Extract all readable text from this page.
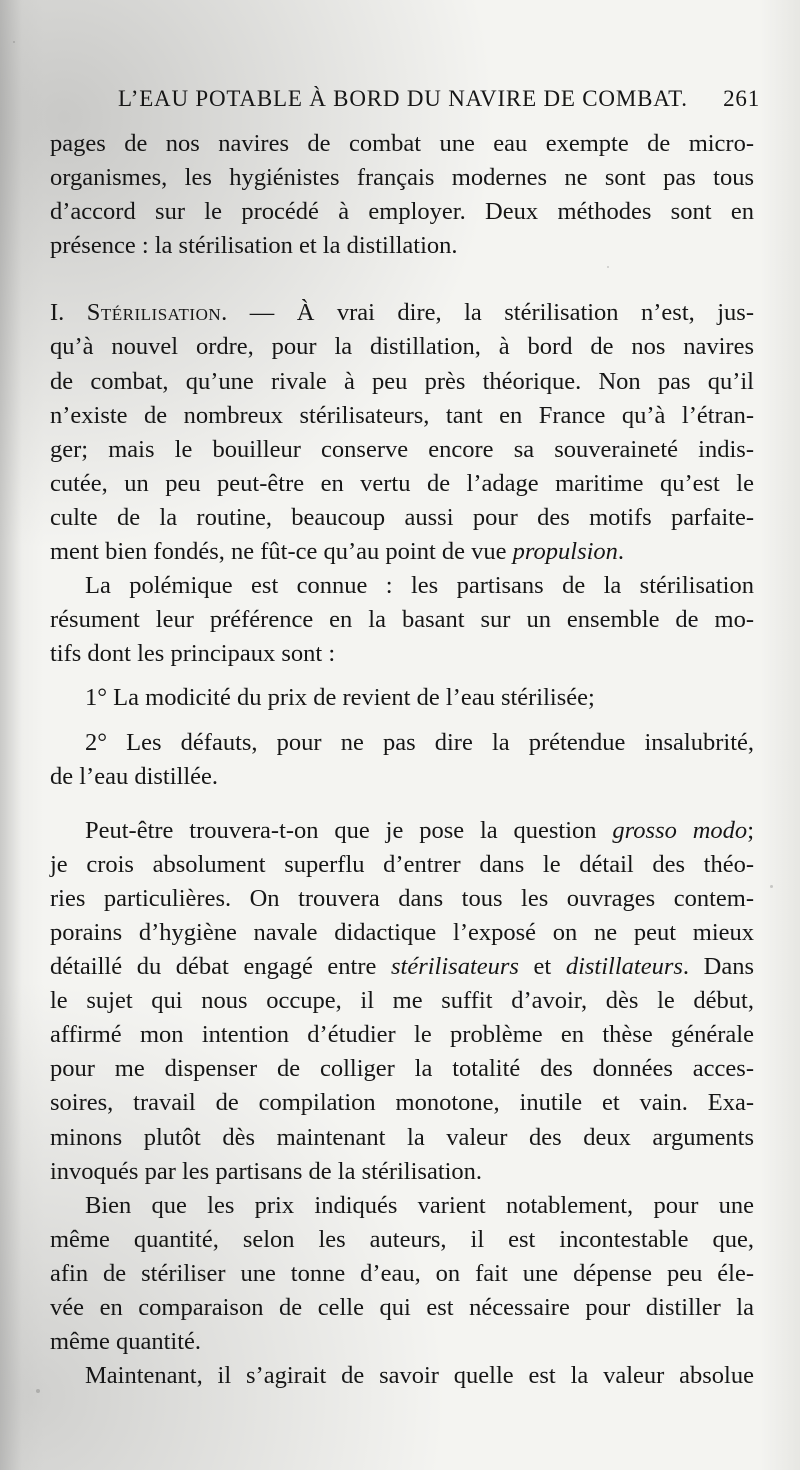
L’EAU POTABLE À BORD DU NAVIRE DE COMBAT. 261
pages de nos navires de combat une eau exempte de micro-
organismes, les hygiénistes français modernes ne sont pas tous
d’accord sur le procédé à employer. Deux méthodes sont en
présence : la stérilisation et la distillation.
I. Stérilisation. — À vrai dire, la stérilisation n’est, jus-
qu’à nouvel ordre, pour la distillation, à bord de nos navires
de combat, qu’une rivale à peu près théorique. Non pas qu’il
n’existe de nombreux stérilisateurs, tant en France qu’à l’étran-
ger; mais le bouilleur conserve encore sa souveraineté indis-
cutée, un peu peut-être en vertu de l’adage maritime qu’est le
culte de la routine, beaucoup aussi pour des motifs parfaite-
ment bien fondés, ne fût-ce qu’au point de vue propulsion.
La polémique est connue : les partisans de la stérilisation
résument leur préférence en la basant sur un ensemble de mo-
tifs dont les principaux sont :
1° La modicité du prix de revient de l’eau stérilisée;
2° Les défauts, pour ne pas dire la prétendue insalubrité,
de l’eau distillée.
Peut-être trouvera-t-on que je pose la question grosso modo;
je crois absolument superflu d’entrer dans le détail des théo-
ries particulières. On trouvera dans tous les ouvrages contem-
porains d’hygiène navale didactique l’exposé on ne peut mieux
détaillé du débat engagé entre stérilisateurs et distillateurs. Dans
le sujet qui nous occupe, il me suffit d’avoir, dès le début,
affirmé mon intention d’étudier le problème en thèse générale
pour me dispenser de colliger la totalité des données acces-
soires, travail de compilation monotone, inutile et vain. Exa-
minons plutôt dès maintenant la valeur des deux arguments
invoqués par les partisans de la stérilisation.
Bien que les prix indiqués varient notablement, pour une
même quantité, selon les auteurs, il est incontestable que,
afin de stériliser une tonne d’eau, on fait une dépense peu éle-
vée en comparaison de celle qui est nécessaire pour distiller la
même quantité.
Maintenant, il s’agirait de savoir quelle est la valeur absolue
